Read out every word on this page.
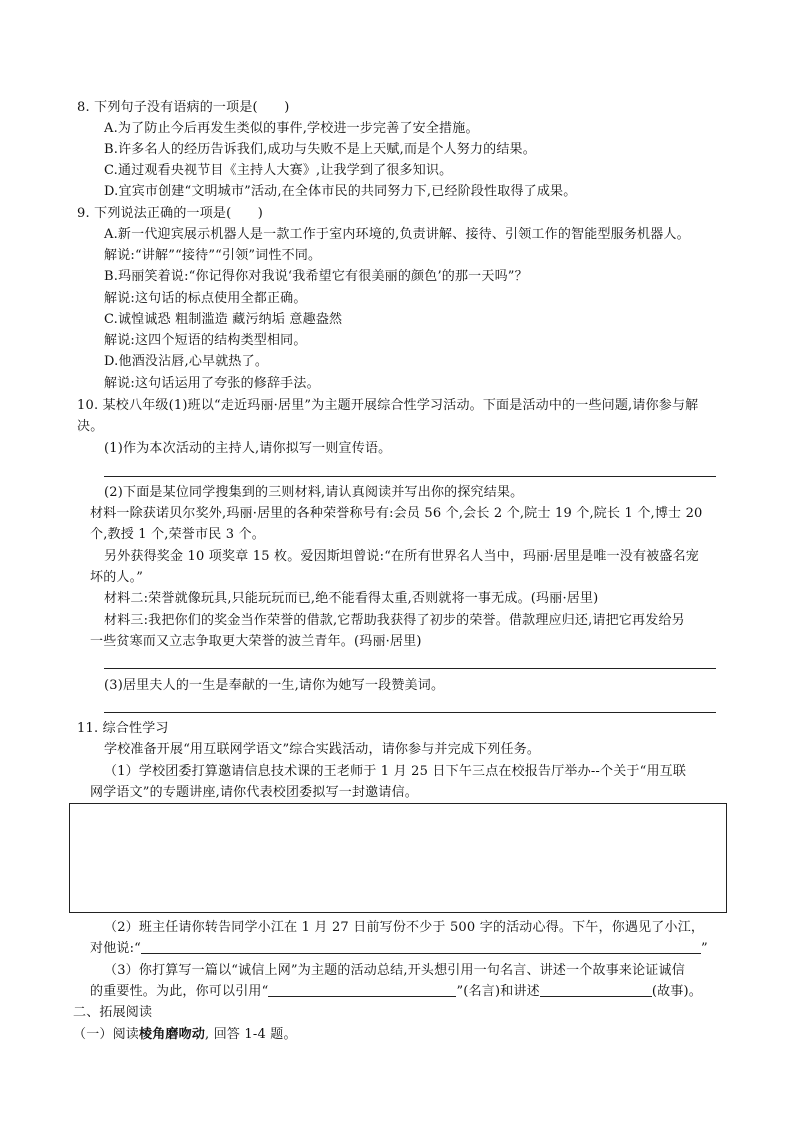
8. 下列句子没有语病的一项是(　　)
A.为了防止今后再发生类似的事件,学校进一步完善了安全措施。
B.许多名人的经历告诉我们,成功与失败不是上天赋,而是个人努力的结果。
C.通过观看央视节目《主持人大赛》,让我学到了很多知识。
D.宜宾市创建“文明城市”活动,在全体市民的共同努力下,已经阶段性取得了成果。
9. 下列说法正确的一项是(　　)
A.新一代迎宾展示机器人是一款工作于室内环境的,负责讲解、接待、引领工作的智能型服务机器人。
解说:“讲解”“接待”“引领”词性不同。
B.玛丽笑着说:“你记得你对我说‘我希望它有很美丽的颜色’的那一天吗”？
解说:这句话的标点使用全都正确。
C.诚惶诚恐 粗制滥造 藏污纳垢 意趣盎然
解说:这四个短语的结构类型相同。
D.他酒没沾唇,心早就热了。
解说:这句话运用了夸张的修辞手法。
10. 某校八年级(1)班以“走近玛丽·居里”为主题开展综合性学习活动。下面是活动中的一些问题,请你参与解
决。
(1)作为本次活动的主持人,请你拟写一则宣传语。
(2)下面是某位同学搜集到的三则材料,请认真阅读并写出你的探究结果。
材料一除获诺贝尔奖外,玛丽·居里的各种荣誉称号有:会员 56 个,会长 2 个,院士 19 个,院长 1 个,博士 20
个,教授 1 个,荣誉市民 3 个。
另外获得奖金 10 项奖章 15 枚。爱因斯坦曾说:“在所有世界名人当中，玛丽·居里是唯一没有被盛名宠
坏的人。”
材料二:荣誉就像玩具,只能玩玩而已,绝不能看得太重,否则就将一事无成。(玛丽·居里)
材料三:我把你们的奖金当作荣誉的借款,它帮助我获得了初步的荣誉。借款理应归还,请把它再发给另
一些贫寒而又立志争取更大荣誉的波兰青年。(玛丽·居里)
(3)居里夫人的一生是奉献的一生,请你为她写一段赞美词。
11. 综合性学习
学校准备开展“用互联网学语文”综合实践活动，请你参与并完成下列任务。
（1）学校团委打算邀请信息技术课的王老师于 1 月 25 日下午三点在校报告厅举办--个关于“用互联
网学语文”的专题讲座,请你代表校团委拟写一封邀请信。
（2）班主任请你转告同学小江在 1 月 27 日前写份不少于 500 字的活动心得。下午，你遇见了小江，
对他说:“	”
（3）你打算写一篇以“诚信上网”为主题的活动总结,开头想引用一句名言、讲述一个故事来论证诚信
的重要性。为此，你可以引用“	”(名言)和讲述	(故事)。
二、拓展阅读
（一）阅读棱角磨吻动, 回答 1-4 题。
